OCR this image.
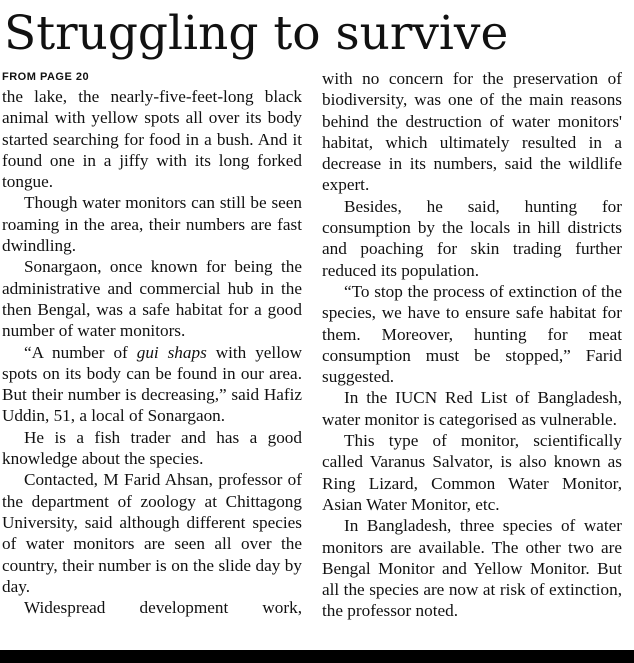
Struggling to survive
FROM PAGE 20

the lake, the nearly-five-feet-long black animal with yellow spots all over its body started searching for food in a bush. And it found one in a jiffy with its long forked tongue.

Though water monitors can still be seen roaming in the area, their numbers are fast dwindling.

Sonargaon, once known for being the administrative and commercial hub in the then Bengal, was a safe habitat for a good number of water monitors.

“A number of gui shaps with yellow spots on its body can be found in our area. But their number is decreasing,” said Hafiz Uddin, 51, a local of Sonargaon.

He is a fish trader and has a good knowledge about the species.

Contacted, M Farid Ahsan, professor of the department of zoology at Chittagong University, said although different species of water monitors are seen all over the country, their number is on the slide day by day.

Widespread development work,

with no concern for the preservation of biodiversity, was one of the main reasons behind the destruction of water monitors' habitat, which ultimately resulted in a decrease in its numbers, said the wildlife expert.

Besides, he said, hunting for consumption by the locals in hill districts and poaching for skin trading further reduced its population.

“To stop the process of extinction of the species, we have to ensure safe habitat for them. Moreover, hunting for meat consumption must be stopped,” Farid suggested.

In the IUCN Red List of Bangladesh, water monitor is categorised as vulnerable.

This type of monitor, scientifically called Varanus Salvator, is also known as Ring Lizard, Common Water Monitor, Asian Water Monitor, etc.

In Bangladesh, three species of water monitors are available. The other two are Bengal Monitor and Yellow Monitor. But all the species are now at risk of extinction, the professor noted.
